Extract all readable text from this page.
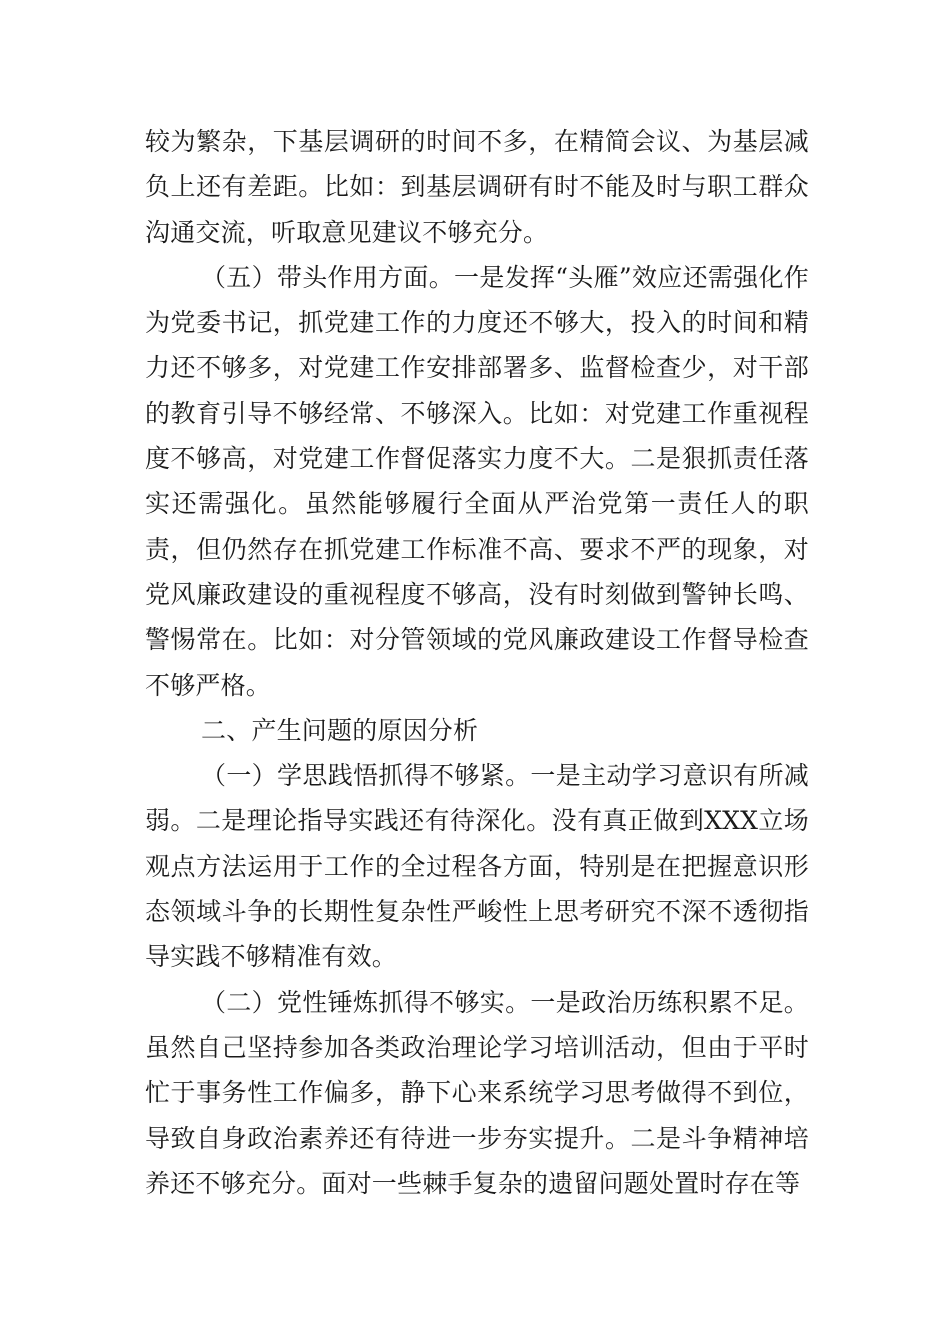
较为繁杂，下基层调研的时间不多，在精简会议、为基层减负上还有差距。比如：到基层调研有时不能及时与职工群众沟通交流，听取意见建议不够充分。

（五）带头作用方面。一是发挥“头雁”效应还需强化作为党委书记，抓党建工作的力度还不够大，投入的时间和精力还不够多，对党建工作安排部署多、监督检查少，对干部的教育引导不够经常、不够深入。比如：对党建工作重视程度不够高，对党建工作督促落实力度不大。二是狠抓责任落实还需强化。虽然能够履行全面从严治党第一责任人的职责，但仍然存在抓党建工作标准不高、要求不严的现象，对党风廉政建设的重视程度不够高，没有时刻做到警钟长鸣、警惕常在。比如：对分管领域的党风廉政建设工作督导检查不够严格。

二、产生问题的原因分析

（一）学思践悟抓得不够紧。一是主动学习意识有所减弱。二是理论指导实践还有待深化。没有真正做到XXX立场观点方法运用于工作的全过程各方面，特别是在把握意识形态领域斗争的长期性复杂性严峻性上思考研究不深不透彻指导实践不够精准有效。

（二）党性锤炼抓得不够实。一是政治历练积累不足。虽然自己坚持参加各类政治理论学习培训活动，但由于平时忙于事务性工作偏多，静下心来系统学习思考做得不到位，导致自身政治素养还有待进一步夯实提升。二是斗争精神培养还不够充分。面对一些棘手复杂的遗留问题处置时存在等
